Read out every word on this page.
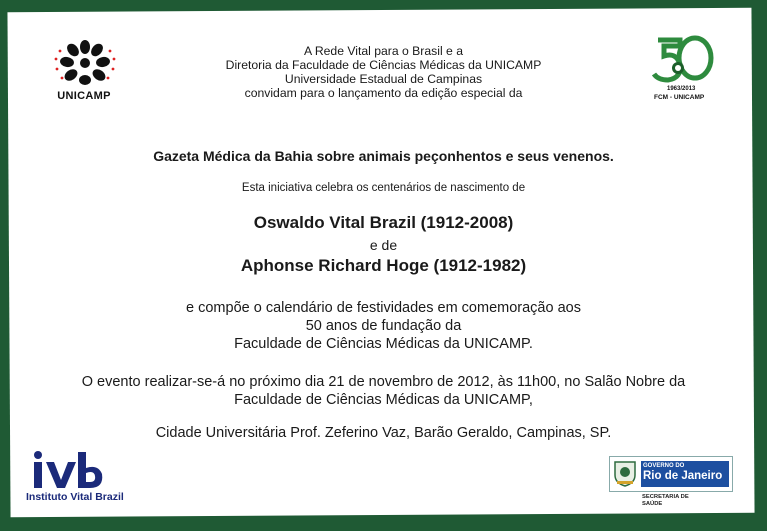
UNICAMP
1963/2013
FCM - UNICAMP
A Rede Vital para o Brasil e a
Diretoria da Faculdade de Ciências Médicas da UNICAMP
Universidade Estadual de Campinas
convidam para o lançamento da edição especial da
Gazeta Médica da Bahia sobre animais peçonhentos e seus venenos.
Esta iniciativa celebra os centenários de nascimento de
Oswaldo Vital Brazil (1912-2008)
e de
Aphonse Richard Hoge (1912-1982)
e compõe o calendário de festividades em comemoração aos
50 anos de fundação da
Faculdade de Ciências Médicas da UNICAMP.
O evento realizar-se-á no próximo dia 21 de novembro de 2012, às 11h00, no Salão Nobre da
Faculdade de Ciências Médicas da UNICAMP,
Cidade Universitária Prof. Zeferino Vaz, Barão Geraldo, Campinas, SP.
Instituto Vital Brazil
GOVERNO DO
Rio de Janeiro
SECRETARIA DE
SAÚDE
